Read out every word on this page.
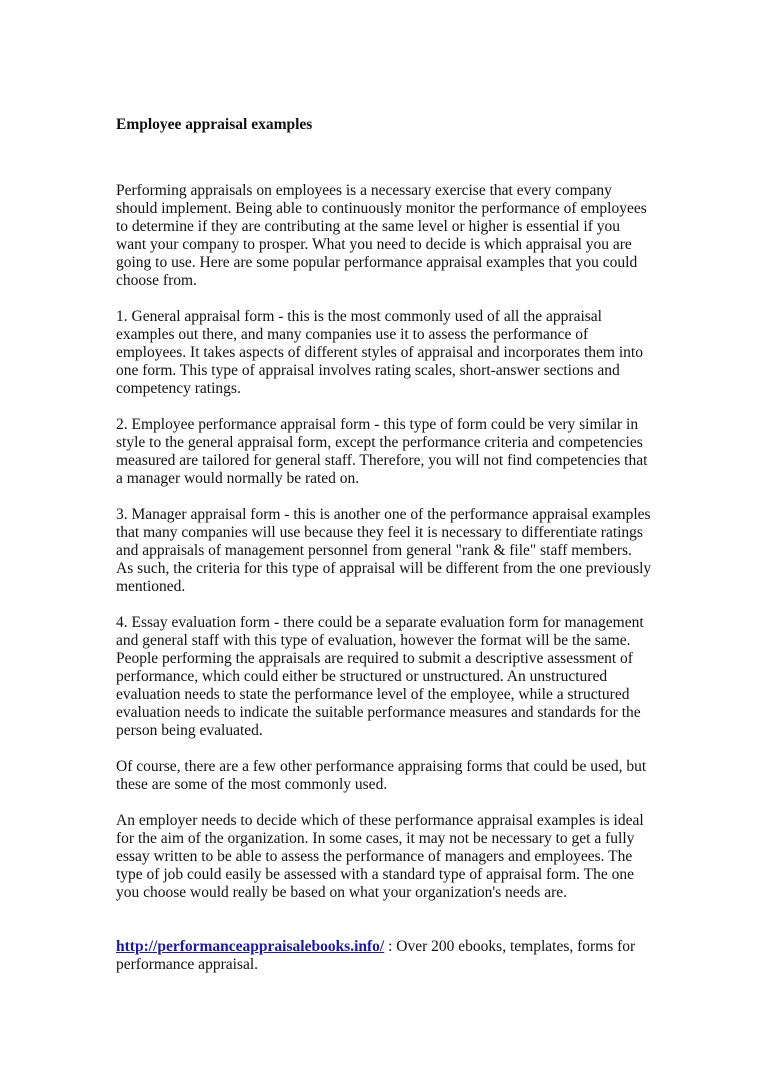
Employee appraisal examples

Performing appraisals on employees is a necessary exercise that every company
should implement. Being able to continuously monitor the performance of employees
to determine if they are contributing at the same level or higher is essential if you
want your company to prosper. What you need to decide is which appraisal you are
going to use. Here are some popular performance appraisal examples that you could
choose from.

1. General appraisal form - this is the most commonly used of all the appraisal
examples out there, and many companies use it to assess the performance of
employees. It takes aspects of different styles of appraisal and incorporates them into
one form. This type of appraisal involves rating scales, short-answer sections and
competency ratings.

2. Employee performance appraisal form - this type of form could be very similar in
style to the general appraisal form, except the performance criteria and competencies
measured are tailored for general staff. Therefore, you will not find competencies that
a manager would normally be rated on.

3. Manager appraisal form - this is another one of the performance appraisal examples
that many companies will use because they feel it is necessary to differentiate ratings
and appraisals of management personnel from general "rank & file" staff members.
As such, the criteria for this type of appraisal will be different from the one previously
mentioned.

4. Essay evaluation form - there could be a separate evaluation form for management
and general staff with this type of evaluation, however the format will be the same.
People performing the appraisals are required to submit a descriptive assessment of
performance, which could either be structured or unstructured. An unstructured
evaluation needs to state the performance level of the employee, while a structured
evaluation needs to indicate the suitable performance measures and standards for the
person being evaluated.

Of course, there are a few other performance appraising forms that could be used, but
these are some of the most commonly used.

An employer needs to decide which of these performance appraisal examples is ideal
for the aim of the organization. In some cases, it may not be necessary to get a fully
essay written to be able to assess the performance of managers and employees. The
type of job could easily be assessed with a standard type of appraisal form. The one
you choose would really be based on what your organization's needs are.

http://performanceappraisalebooks.info/ : Over 200 ebooks, templates, forms for
performance appraisal.
